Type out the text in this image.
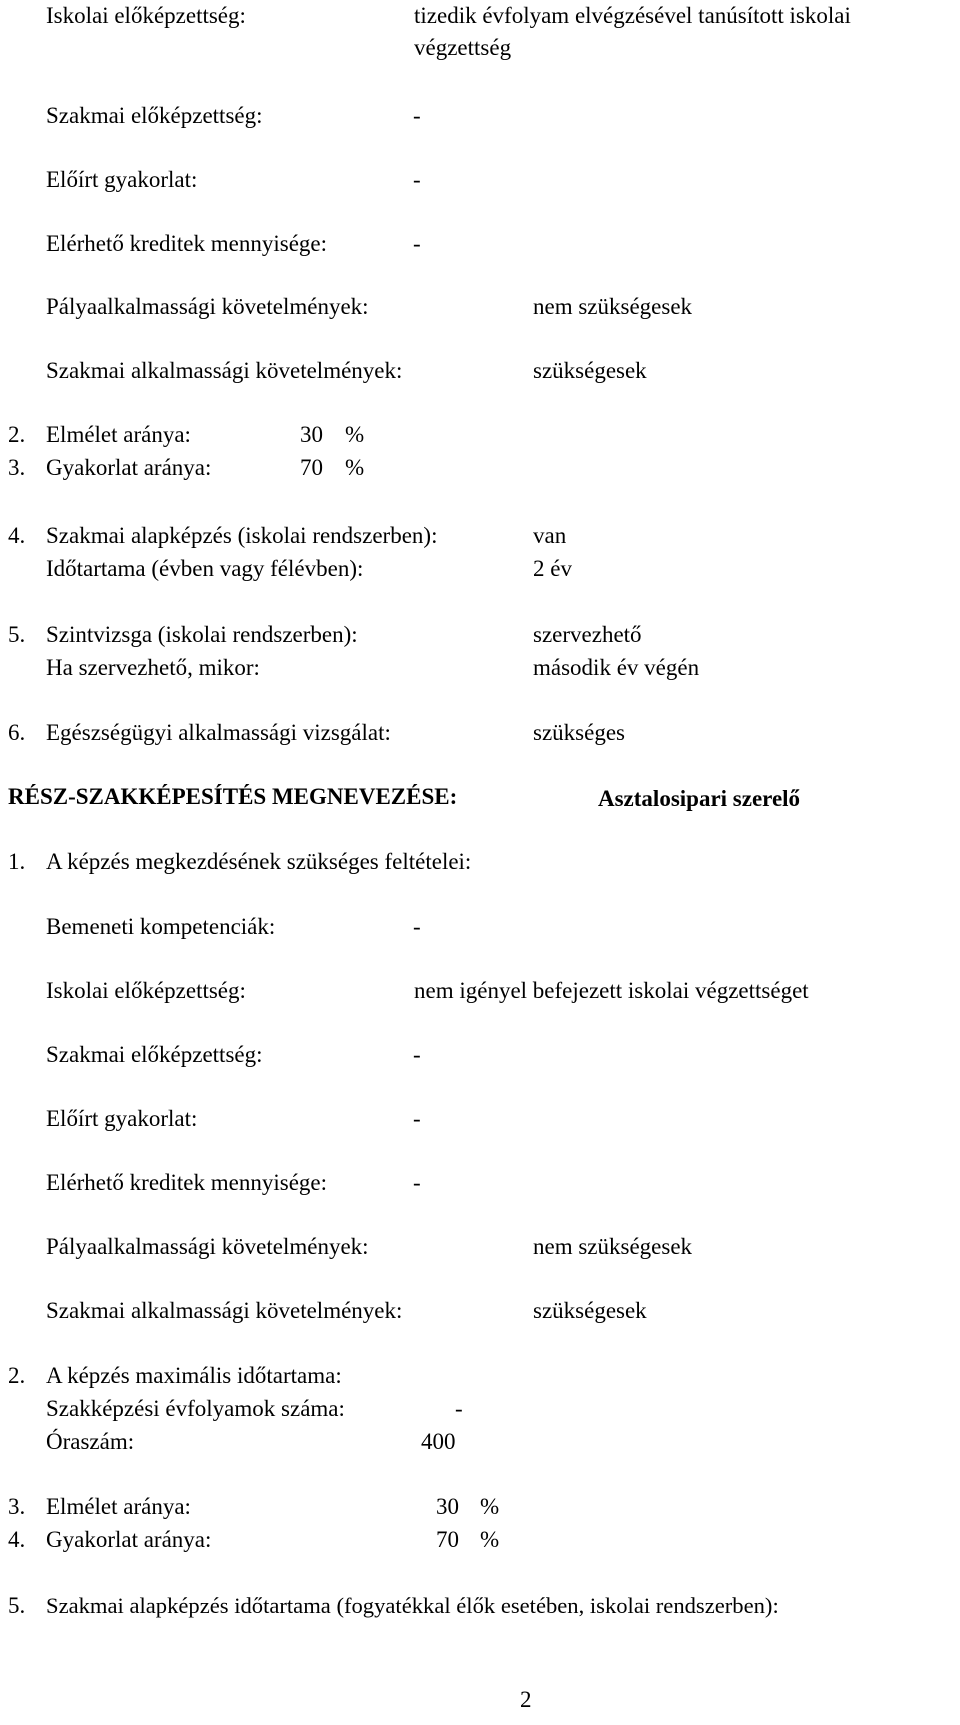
Iskolai előképzettség:	tizedik évfolyam elvégzésével tanúsított iskolai
végzettség
Szakmai előképzettség:	-
Előírt gyakorlat:	-
Elérhető kreditek mennyisége:	-
Pályaalkalmassági követelmények:	nem szükségesek
Szakmai alkalmassági követelmények:	szükségesek
2. Elmélet aránya:	30 %
3. Gyakorlat aránya:	70 %
4. Szakmai alapképzés (iskolai rendszerben):	van
Időtartama (évben vagy félévben):	2 év
5. Szintvizsga (iskolai rendszerben):	szervezhető
Ha szervezhető, mikor:	második év végén
6. Egészségügyi alkalmassági vizsgálat:	szükséges
RÉSZ-SZAKKÉPESÍTÉS MEGNEVEZÉSE:	Asztalosipari szerelő
1. A képzés megkezdésének szükséges feltételei:
Bemeneti kompetenciák:	-
Iskolai előképzettség:	nem igényel befejezett iskolai végzettséget
Szakmai előképzettség:	-
Előírt gyakorlat:	-
Elérhető kreditek mennyisége:	-
Pályaalkalmassági követelmények:	nem szükségesek
Szakmai alkalmassági követelmények:	szükségesek
2. A képzés maximális időtartama:
Szakképzési évfolyamok száma:	-
Óraszám:	400
3. Elmélet aránya:	30 %
4. Gyakorlat aránya:	70 %
5. Szakmai alapképzés időtartama (fogyatékkal élők esetében, iskolai rendszerben):
2
